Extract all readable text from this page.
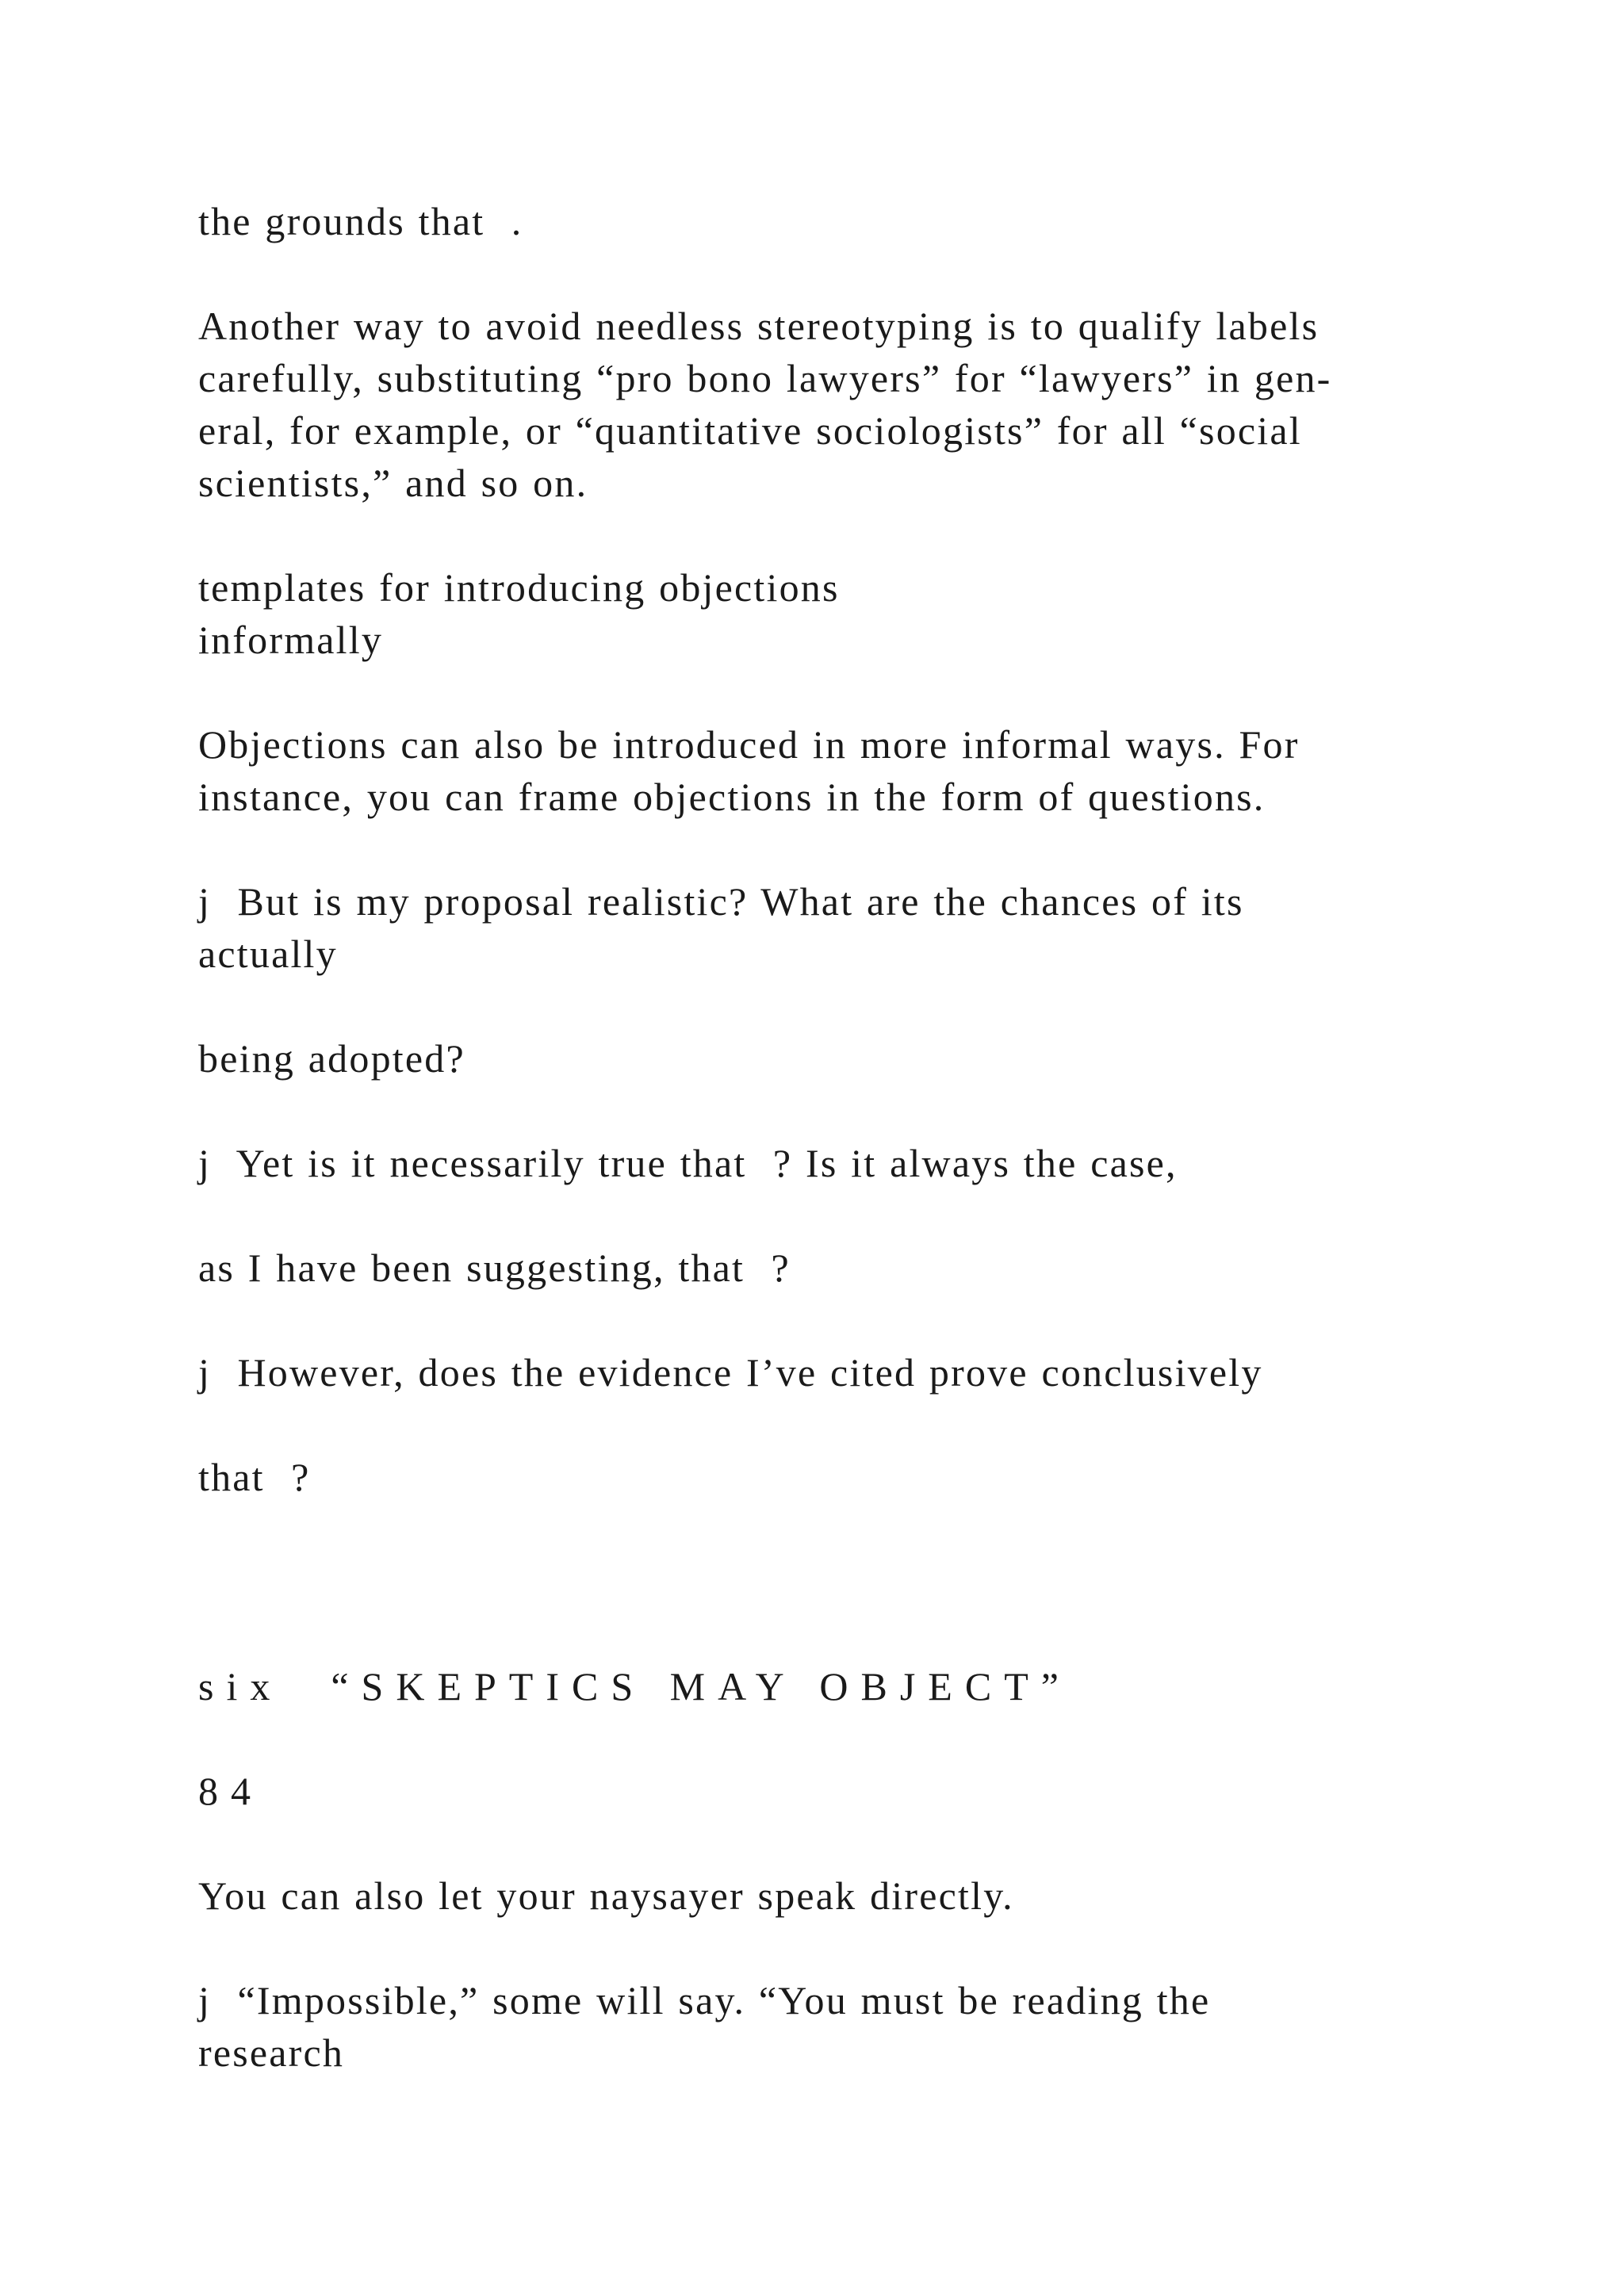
the grounds that  .

Another way to avoid needless stereotyping is to qualify labels

carefully, substituting “pro bono lawyers” for “lawyers” in gen-

eral, for example, or “quantitative sociologists” for all “social

scientists,” and so on.

templates for introducing objections

informally

Objections can also be introduced in more informal ways. For

instance, you can frame objections in the form of questions.

j  But is my proposal realistic? What are the chances of its

actually

being adopted?

j  Yet is it necessarily true that  ? Is it always the case,

as I have been suggesting, that  ?

j  However, does the evidence I’ve cited prove conclusively

that  ?

six  “SKEPTICS MAY OBJECT”

84

You can also let your naysayer speak directly.

j  “Impossible,” some will say. “You must be reading the

research
